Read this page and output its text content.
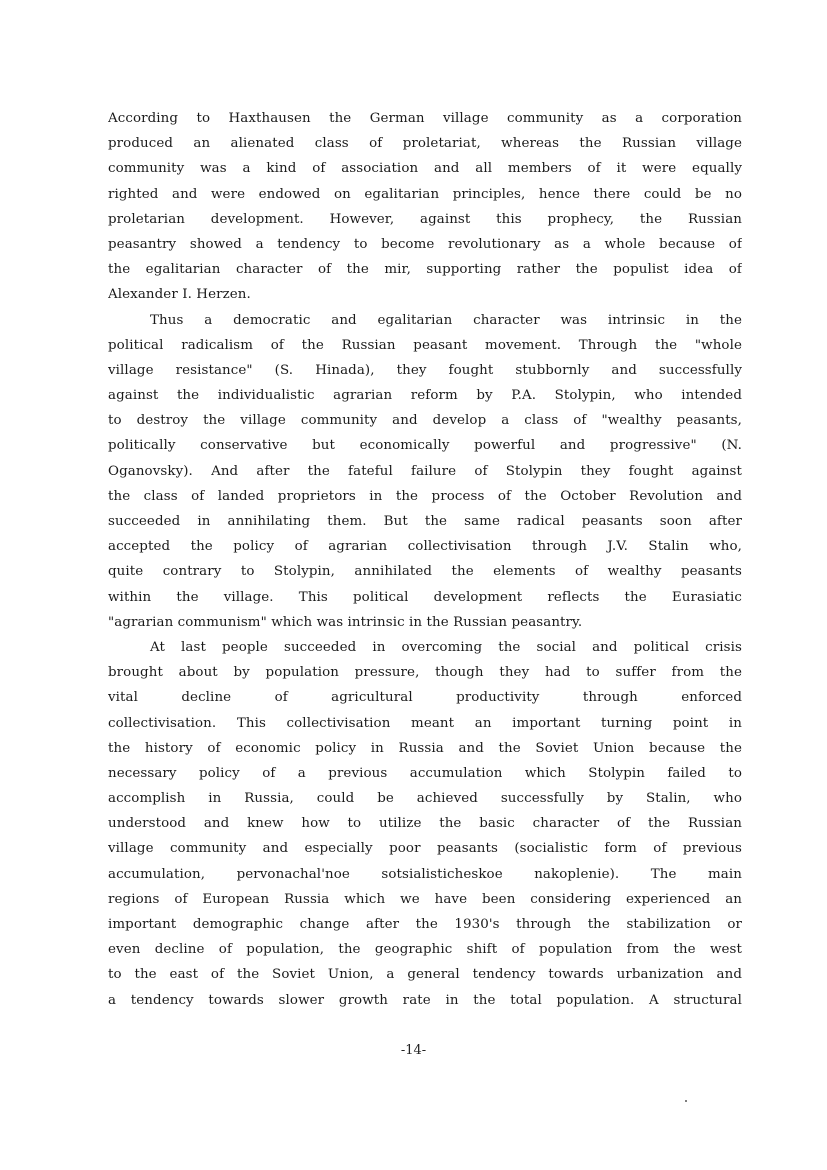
According to Haxthausen the German village community as a corporation
produced an alienated class of proletariat, whereas the Russian village
community was a kind of association and all members of it were equally
righted and were endowed on egalitarian principles, hence there could be no
proletarian development. However, against this prophecy, the Russian
peasantry showed a tendency to become revolutionary as a whole because of
the egalitarian character of the mir, supporting rather the populist idea of
Alexander I. Herzen.
Thus a democratic and egalitarian character was intrinsic in the
political radicalism of the Russian peasant movement. Through the "whole
village resistance" (S. Hinada), they fought stubbornly and successfully
against the individualistic agrarian reform by P.A. Stolypin, who intended
to destroy the village community and develop a class of "wealthy peasants,
politically conservative but economically powerful and progressive" (N.
Oganovsky). And after the fateful failure of Stolypin they fought against
the class of landed proprietors in the process of the October Revolution and
succeeded in annihilating them. But the same radical peasants soon after
accepted the policy of agrarian collectivisation through J.V. Stalin who,
quite contrary to Stolypin, annihilated the elements of wealthy peasants
within the village. This political development reflects the Eurasiatic
"agrarian communism" which was intrinsic in the Russian peasantry.
At last people succeeded in overcoming the social and political crisis
brought about by population pressure, though they had to suffer from the
vital decline of agricultural productivity through enforced
collectivisation. This collectivisation meant an important turning point in
the history of economic policy in Russia and the Soviet Union because the
necessary policy of a previous accumulation which Stolypin failed to
accomplish in Russia, could be achieved successfully by Stalin, who
understood and knew how to utilize the basic character of the Russian
village community and especially poor peasants (socialistic form of previous
accumulation, pervonachal'noe sotsialisticheskoe nakoplenie). The main
regions of European Russia which we have been considering experienced an
important demographic change after the 1930's through the stabilization or
even decline of population, the geographic shift of population from the west
to the east of the Soviet Union, a general tendency towards urbanization and
a tendency towards slower growth rate in the total population. A structural
-14-
